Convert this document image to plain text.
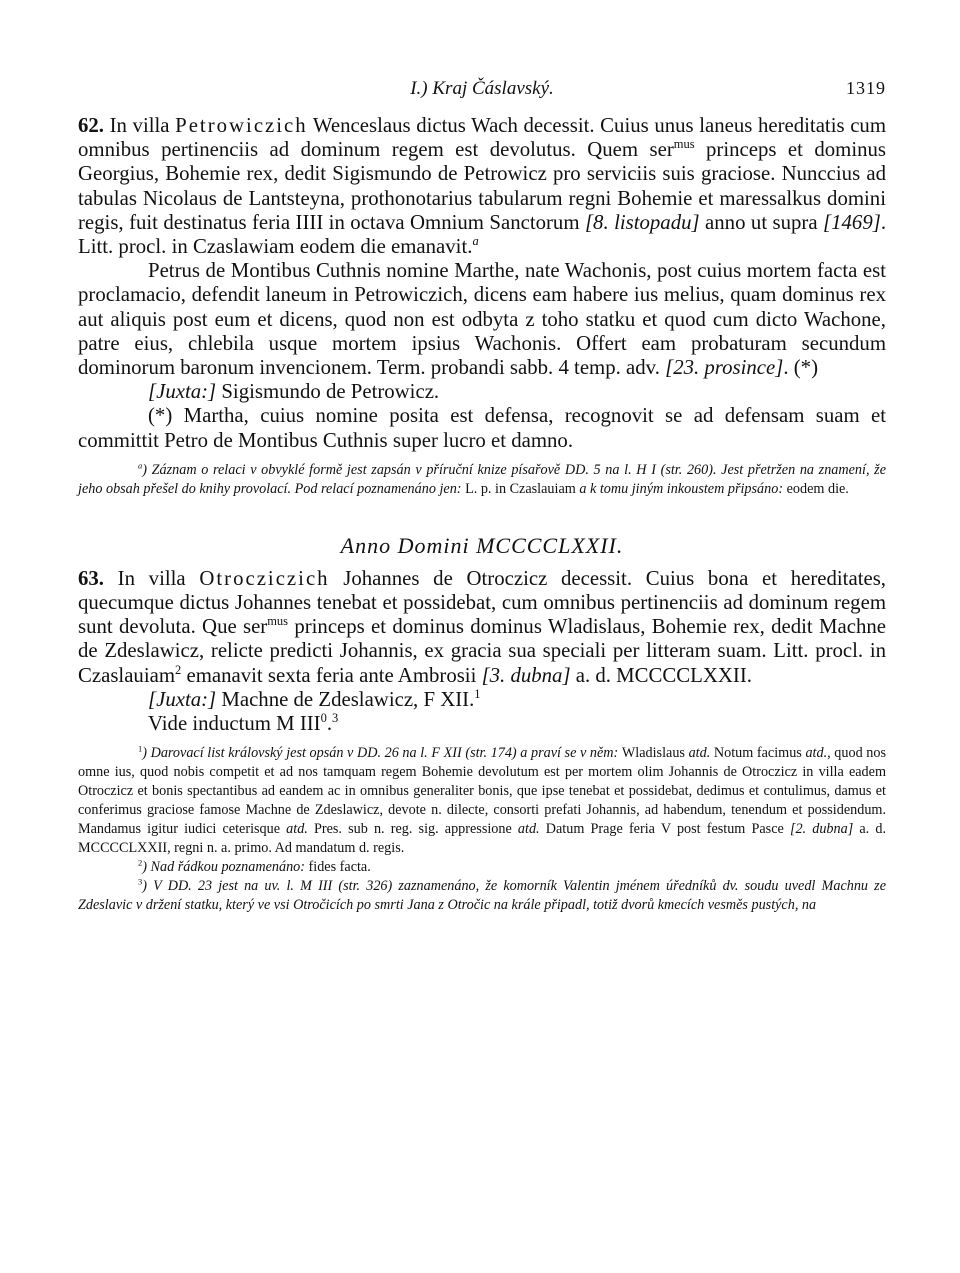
I.) Kraj Čáslavský.	1319

62. In villa Petrowiczich Wenceslaus dictus Wach decessit. Cuius unus laneus hereditatis cum omnibus pertinenciis ad dominum regem est devolutus. Quem ser$^{mus}$ princeps et dominus Georgius, Bohemie rex, dedit Sigismundo de Petrowicz pro serviciis suis graciose. Nunccius ad tabulas Nicolaus de Lantsteyna, prothonotarius tabularum regni Bohemie et maressalkus domini regis, fuit destinatus feria IIII in octava Omnium Sanctorum [8. listopadu] anno ut supra [1469]. Litt. procl. in Czaslawiam eodem die emanavit.$^a$

Petrus de Montibus Cuthnis nomine Marthe, nate Wachonis, post cuius mortem facta est proclamacio, defendit laneum in Petrowiczich, dicens eam habere ius melius, quam dominus rex aut aliquis post eum et dicens, quod non est odbyta z toho statku et quod cum dicto Wachone, patre eius, chlebila usque mortem ipsius Wachonis. Offert eam probaturam secundum dominorum baronum invencionem. Term. probandi sabb. 4 temp. adv. [23. prosince]. (*)

[Juxta:] Sigismundo de Petrowicz.

(*) Martha, cuius nomine posita est defensa, recognovit se ad defensam suam et committit Petro de Montibus Cuthnis super lucro et damno.

$^a$) Záznam o relaci v obvyklé formě jest zapsán v příruční knize písařově DD. 5 na l. H I (str. 260). Jest přetržen na znamení, že jeho obsah přešel do knihy provolací. Pod relací poznamenáno jen: L. p. in Czaslauiam a k tomu jiným inkoustem připsáno: eodem die.

Anno Domini MCCCCLXXII.

63. In villa Otrocziczich Johannes de Otroczicz decessit. Cuius bona et hereditates, quecumque dictus Johannes tenebat et possidebat, cum omnibus pertinenciis ad dominum regem sunt devoluta. Que ser$^{mus}$ princeps et dominus dominus Wladislaus, Bohemie rex, dedit Machne de Zdeslawicz, relicte predicti Johannis, ex gracia sua speciali per litteram suam. Litt. procl. in Czaslauiam$^2$ emanavit sexta feria ante Ambrosii [3. dubna] a. d. MCCCCLXXII.

[Juxta:] Machne de Zdeslawicz, F XII.$^1$

Vide inductum M III$^0$.$^3$

$^1$) Darovací list královský jest opsán v DD. 26 na l. F XII (str. 174) a praví se v něm: Wladislaus atd. Notum facimus atd., quod nos omne ius, quod nobis competit et ad nos tamquam regem Bohemie devolutum est per mortem olim Johannis de Otroczicz in villa eadem Otroczicz et bonis spectantibus ad eandem ac in omnibus generaliter bonis, que ipse tenebat et possidebat, dedimus et contulimus, damus et conferimus graciose famose Machne de Zdeslawicz, devote n. dilecte, consorti prefati Johannis, ad habendum, tenendum et possidendum. Mandamus igitur iudici ceterisque atd. Pres. sub n. reg. sig. appressione atd. Datum Prage feria V post festum Pasce [2. dubna] a. d. MCCCCLXXII, regni n. a. primo. Ad mandatum d. regis.

$^2$) Nad řádkou poznamenáno: fides facta.

$^3$) V DD. 23 jest na uv. l. M III (str. 326) zaznamenáno, že komorník Valentin jménem úředníků dv. soudu uvedl Machnu ze Zdeslavic v držení statku, který ve vsi Otročicích po smrti Jana z Otročic na krále připadl, totiž dvorů kmecích vesměs pustých, na
